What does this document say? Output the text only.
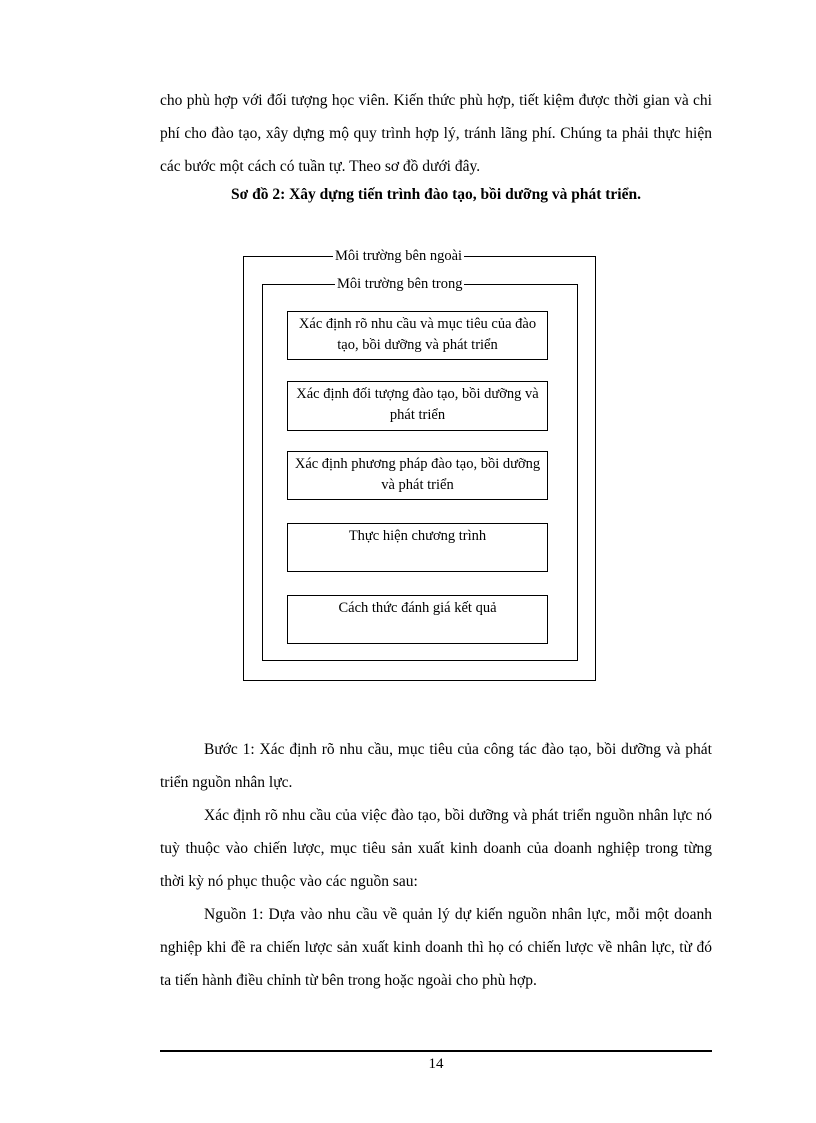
cho phù hợp với đối tượng học viên. Kiến thức phù hợp, tiết kiệm được thời gian và chi phí cho đào tạo, xây dựng mộ quy trình hợp lý, tránh lãng phí. Chúng ta phải thực hiện các bước một cách có tuần tự. Theo sơ đồ dưới đây.

Sơ đồ 2: Xây dựng tiến trình đào tạo, bồi dưỡng và phát triển.

Môi trường bên ngoài
Môi trường bên trong
Xác định rõ nhu cầu và mục tiêu của đào tạo, bồi dưỡng và phát triển
Xác định đối tượng đào tạo, bồi dưỡng và phát triển
Xác định phương pháp đào tạo, bồi dưỡng và phát triển
Thực hiện chương trình
Cách thức đánh giá kết quả

Bước 1: Xác định rõ nhu cầu, mục tiêu của công tác đào tạo, bồi dưỡng và phát triển nguồn nhân lực.

Xác định rõ nhu cầu của việc đào tạo, bồi dưỡng và phát triển nguồn nhân lực nó tuỳ thuộc vào chiến lược, mục tiêu sản xuất kinh doanh của doanh nghiệp trong từng thời kỳ nó phục thuộc vào các nguồn sau:

Nguồn 1: Dựa vào nhu cầu về quản lý dự kiến nguồn nhân lực, mỗi một doanh nghiệp khi đề ra chiến lược sản xuất kinh doanh thì họ có chiến lược về nhân lực, từ đó ta tiến hành điều chỉnh từ bên trong hoặc ngoài cho phù hợp.

14
